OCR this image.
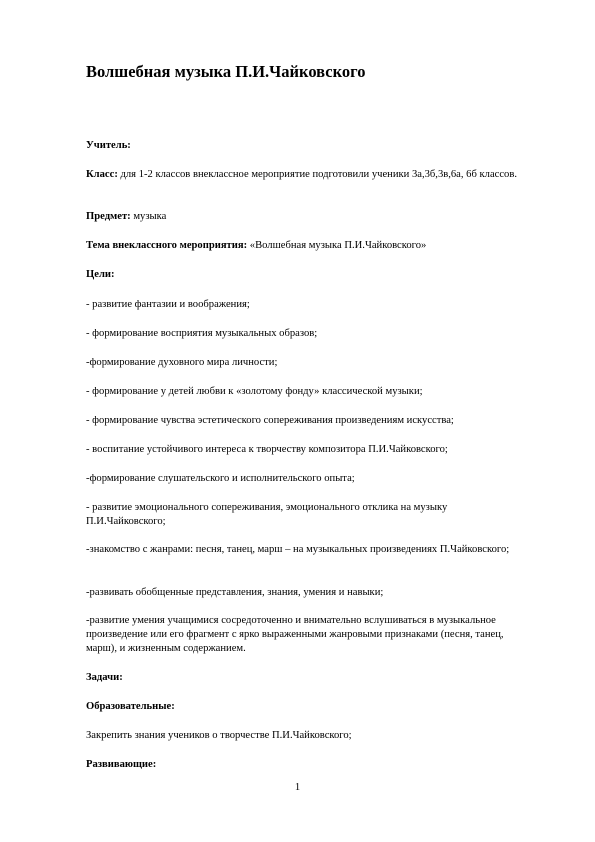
Волшебная музыка П.И.Чайковского
Учитель:
Класс: для 1-2 классов внеклассное мероприятие подготовили ученики 3а,3б,3в,6а, 6б классов.
Предмет: музыка
Тема внеклассного мероприятия: «Волшебная музыка П.И.Чайковского»
Цели:
- развитие фантазии и воображения;
- формирование восприятия музыкальных образов;
-формирование духовного мира личности;
- формирование у детей любви к «золотому фонду» классической музыки;
- формирование чувства эстетического сопереживания произведениям искусства;
- воспитание устойчивого интереса к творчеству композитора П.И.Чайковского;
-формирование слушательского и исполнительского опыта;
- развитие эмоционального сопереживания, эмоционального отклика на музыку П.И.Чайковского;
-знакомство с жанрами: песня, танец, марш – на музыкальных произведениях П.Чайковского;
-развивать обобщенные представления, знания, умения и навыки;
-развитие умения учащимися сосредоточенно и внимательно вслушиваться в музыкальное произведение или его фрагмент с ярко выраженными жанровыми признаками (песня, танец, марш), и жизненным содержанием.
Задачи:
Образовательные:
Закрепить знания учеников о творчестве П.И.Чайковского;
Развивающие:
1
